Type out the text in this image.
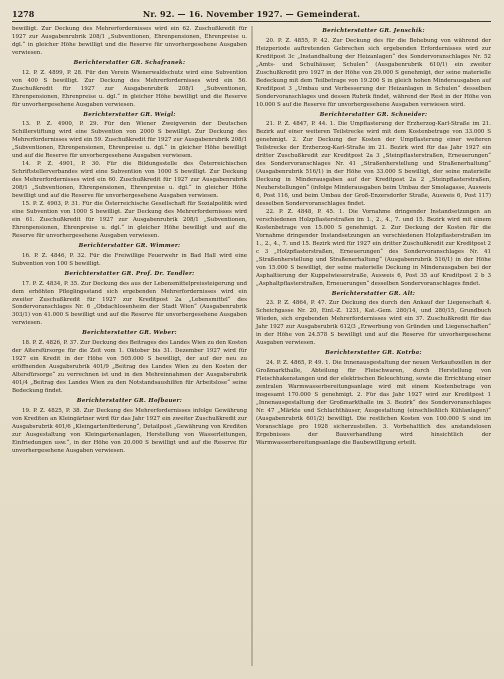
1278	Nr. 92. — 16. November 1927. — Gemeinderat.

bewilligt. Zur Deckung des Mehrerfordernisses wird ein 62. Zuschußkredit für 1927 zur Ausgabenrubrik 208/1 „Subventionen, Ehrenpensionen, Ehrenpreise u. dgl.“ in gleicher Höhe bewilligt und die Reserve für unvorhergesehene Ausgaben verwiesen.

Berichterstatter GR. Schafranek:

12. P. Z. 4899, P. 28. Für den Verein Wienerwaldschutz wird eine Subvention von 400 S bewilligt. Zur Deckung des Mehrerfordernisses wird ein 56. Zuschußkredit für 1927 zur Ausgabenrubrik 208/1 „Subventionen, Ehrenpensionen, Ehrenpreise u. dgl.“ in gleicher Höhe bewilligt und die Reserve für unvorhergesehene Ausgaben verwiesen.

Berichterstatter GR. Weigl:

13. P. Z. 4900, P. 29. Für den Wiener Zweigverein der Deutschen Schillerstiftung wird eine Subvention von 2000 S bewilligt. Zur Deckung des Mehrerfordernisses wird ein 59. Zuschußkredit für 1927 zur Ausgabenrubrik 208/1 „Subventionen, Ehrenpensionen, Ehrenpreise u. dgl.“ in gleicher Höhe bewilligt und auf die Reserve für unvorhergesehene Ausgaben verwiesen.

14. P. Z. 4901, P. 30. Für die Bildungsstelle des Österreichischen Schriftstellerverbandes wird eine Subvention von 1000 S bewilligt. Zur Deckung des Mehrerfordernisses wird ein 60. Zuschußkredit für 1927 zur Ausgabenrubrik 208/1 „Subventionen, Ehrenpensionen, Ehrenpreise u. dgl.“ in gleicher Höhe bewilligt und auf die Reserve für unvorhergesehene Ausgaben verwiesen.

15. P. Z. 4903, P. 31. Für die Österreichische Gesellschaft für Sozialpolitik wird eine Subvention von 1000 S bewilligt. Zur Deckung des Mehrerfordernisses wird ein 61. Zuschußkredit für 1927 zur Ausgabenrubrik 208/1 „Subventionen, Ehrenpensionen, Ehrenpreise u. dgl.“ in gleicher Höhe bewilligt und auf die Reserve für unvorhergesehene Ausgaben verwiesen.

Berichterstatter GR. Wimmer:

16. P. Z. 4846, P. 32. Für die Freiwillige Feuerwehr in Bad Hall wird eine Subvention von 100 S bewilligt.

Berichterstatter GR. Prof. Dr. Tandler:

17. P. Z. 4834, P. 35. Zur Deckung des aus der Lebensmittelpreissteigerung und dem erhöhten Pfleglingsstand sich ergebenden Mehrerfordernisses wird ein zweiter Zuschußkredit für 1927 zur Kreditpost 2a „Lebensmittel“ des Sondervoranschlages Nr. 6 „Obdachlosenheim der Stadt Wien“ (Ausgabenrubrik 303/1) von 41.000 S bewilligt und auf die Reserve für unvorhergesehene Ausgaben verwiesen.

Berichterstatter GR. Weber:

18. P. Z. 4826, P. 37. Zur Deckung des Beitrages des Landes Wien zu den Kosten der Altersfürsorge für die Zeit vom 1. Oktober bis 31. Dezember 1927 wird für 1927 ein Kredit in der Höhe von 505.000 S bewilligt, der auf der neu zu eröffnenden Ausgabsrubrik 401/9 „Beitrag des Landes Wien zu den Kosten der Altersfürsorge“ zu verrechnen ist und in den Mehreinnahmen der Ausgabsrubrik 401/4 „Beitrag des Landes Wien zu den Notstandsaushilfen für Arbeitslose“ seine Bedeckung findet.

Berichterstatter GR. Hofbauer:

19. P. Z. 4825, P. 38. Zur Deckung des Mehrerfordernisses infolge Gewährung von Krediten an Kleingärtner wird für das Jahr 1927 ein zweiter Zuschußkredit zur Ausgabsrubrik 401/6 „Kleingartenförderung“, Detailpost „Gewährung von Krediten zur Ausgestaltung von Kleingartenanlagen, Herstellung von Wasserleitungen, Einfriedungen usw.“, in der Höhe von 20.000 S bewilligt und auf die Reserve für unvorhergesehene Ausgaben verwiesen.

Berichterstatter GR. Jenschik:

20. P. Z. 4855, P. 42. Zur Deckung des für die Behebung von während der Heizperiode auftretenden Gebrechen sich ergebenden Erfordernisses wird zur Kreditpost 3c „Instandhaltung der Heizanlagen“ des Sondervoranschlages Nr. 52 „Amts- und Schulhäuser, Schulen“ (Ausgabenrubrik 610/1) ein zweiter Zuschußkredit pro 1927 in der Höhe von 29.000 S genehmigt, der seine materielle Bedeckung mit dem Teilbetrage von 19.200 S in gleich hohen Minderausgaben auf Kreditpost 3 „Umbau und Verbesserung der Heizanlagen in Schulen“ desselben Sondervoranschlages und dessen Rubrik findet, während der Rest in der Höhe von 10.000 S auf die Reserve für unvorhergesehene Ausgaben verwiesen wird.

Berichterstatter GR. Schneider:

21. P. Z. 4847, P. 44. 1. Die Umpflasterung der Erzherzog-Karl-Straße im 21. Bezirk auf einer weiteren Teilstrecke wird mit dem Kostenbetrage von 33.000 S genehmigt. 2. Zur Deckung der Kosten der Umpflasterung einer weiteren Teilstrecke der Erzherzog-Karl-Straße im 21. Bezirk wird für das Jahr 1927 ein dritter Zuschußkredit zur Kreditpost 2a 3 „Steinpflasterstraßen, Erneuerungen“ des Sondervoranschlages Nr. 41 „Straßenherstellung und Straßenerhaltung“ (Ausgabenrubrik 516/1) in der Höhe von 33.000 S bewilligt, der seine materielle Deckung in Minderausgaben auf der Kreditpost 2a 2 „Steinpflasterstraßen, Neuherstellungen“ (infolge Minderausgaben beim Umbau der Smolagasse, Ausweis 6, Post 116, und beim Umbau der Groß-Enzersdorfer Straße, Ausweis 6, Post 117) desselben Sondervoranschlages findet.

22. P. Z. 4848, P. 45. 1. Die Vornahme dringender Instandsetzungen an verschiedenen Holzpflasterstraßen im 1., 2., 4., 7. und 15. Bezirk wird mit einem Kostenbetrage von 15.000 S genehmigt. 2. Zur Deckung der Kosten für die Vornahme dringender Instandsetzungen an verschiedenen Holzpflasterstraßen im 1., 2., 4., 7. und 15. Bezirk wird für 1927 ein dritter Zuschußkredit zur Kreditpost 2 c 3 „Holzpflasterstraßen, Erneuerungen“ des Sondervoranschlages Nr. 41 „Straßenherstellung und Straßenerhaltung“ (Ausgabenrubrik 516/1) in der Höhe von 15.000 S bewilligt, der seine materielle Deckung in Minderausgaben bei der Asphaltierung der Kuppelwieserstraße, Ausweis 6, Post 35 auf Kreditpost 2 b 3 „Asphaltpflasterstraßen, Erneuerungen“ desselben Sondervoranschlages findet.

Berichterstatter GR. Alt:

23. P. Z. 4864, P. 47. Zur Deckung des durch den Ankauf der Liegenschaft 4. Scheichgasse Nr. 20, Einl.-Z. 1231, Kat.-Gem. 280/14, und 280/15, Grundbuch Wieden, sich ergebenden Mehrerfordernisses wird ein 37. Zuschußkredit für das Jahr 1927 zur Ausgabsrubrik 612/3 „Erwerbung von Gründen und Liegenschaften“ in der Höhe von 24.578 S bewilligt und auf die Reserve für unvorhergesehene Ausgaben verwiesen.

Berichterstatter GR. Kotrba:

24. P. Z. 4865, P. 49. 1. Die Innenausgestaltung der neuen Verkaufszellen in der Großmarkthalle, Abteilung für Fleischwaren, durch Herstellung von Fleischhakenstangen und der elektrischen Beleuchtung, sowie die Errichtung einer zentralen Warmwasserbereitungsanlage wird mit einem Kostenbetrage von insgesamt 170.000 S genehmigt. 2. Für das Jahr 1927 wird zur Kreditpost 1 „Innenausgestaltung der Großmarkthalle im 3. Bezirk“ des Sondervoranschlages Nr. 47 „Märkte und Schlachthäuser, Ausgestaltung (einschließlich Kühlanlagen)“ (Ausgabenrubrik 601/2) bewilligt. Die restlichen Kosten von 100.000 S sind im Voranschlage pro 1928 sicherzustellen. 3. Vorbehaltlich des anstandslosen Ergebnisses der Bauverhandlung wird hinsichtlich der Warmwasserbereitungsanlage die Baubewilligung erteilt.
